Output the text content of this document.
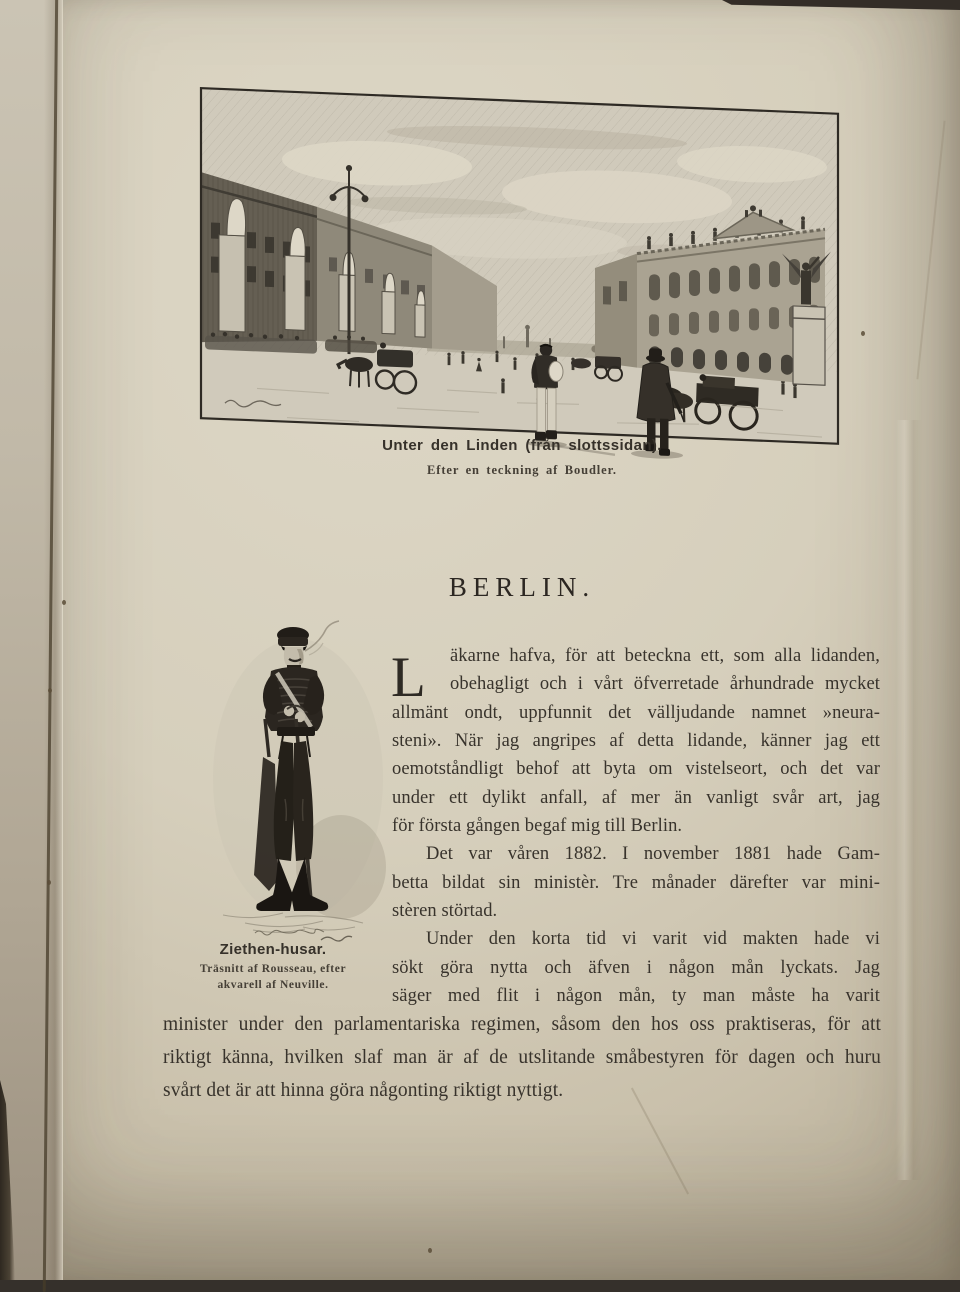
Unter den Linden (från slottssidan).
Efter en teckning af Boudler.
BERLIN.
Ziethen-husar.
Träsnitt af Rousseau, efter
akvarell af Neuville.
L	äkarne hafva, för att beteckna ett, som alla lidanden,
obehagligt och i vårt öfverretade århundrade mycket
allmänt ondt, uppfunnit det välljudande namnet »neura-
steni». När jag angripes af detta lidande, känner jag ett
oemotståndligt behof att byta om vistelseort, och det var
under ett dylikt anfall, af mer än vanligt svår art, jag
för första gången begaf mig till Berlin.
Det var våren 1882. I november 1881 hade Gam-
betta bildat sin ministèr. Tre månader därefter var mini-
stèren störtad.
Under den korta tid vi varit vid makten hade vi
sökt göra nytta och äfven i någon mån lyckats. Jag
säger med flit i någon mån, ty man måste ha varit
minister under den parlamentariska regimen, såsom den hos oss praktiseras, för att
riktigt känna, hvilken slaf man är af de utslitande småbestyren för dagen och huru
svårt det är att hinna göra någonting riktigt nyttigt.
